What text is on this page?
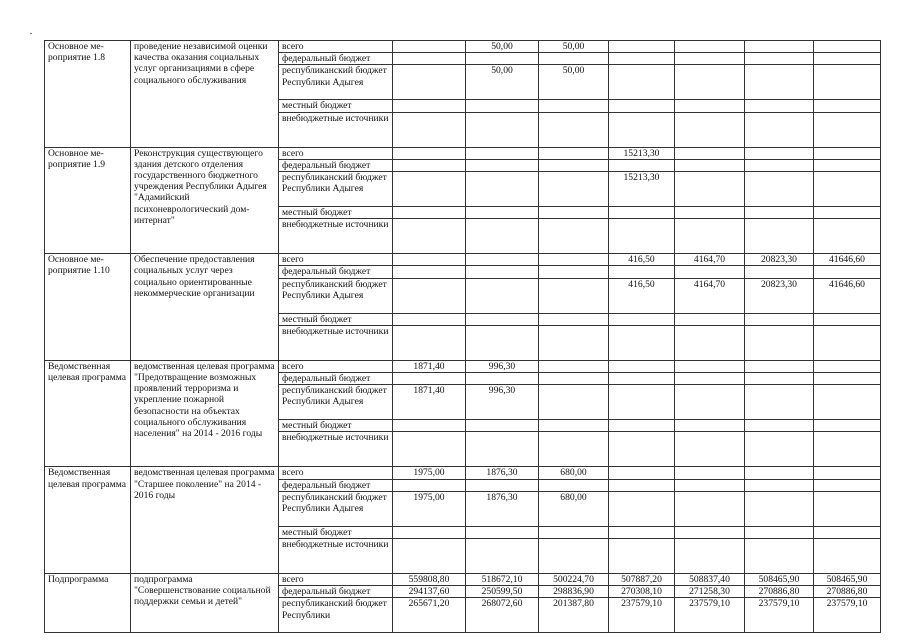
Основное ме-
роприятие 1.8	проведение независимой оценки качества оказания социальных услуг организациями в сфере социального обслуживания	всего		50,00	50,00				
		федеральный бюджет							
		республиканский бюджет Республики Адыгея		50,00	50,00				
		местный бюджет							
		внебюджетные источники							
Основное ме-
роприятие 1.9	Реконструкция существующего здания детского отделения государственного бюджетного учреждения Республики Адыгея "Адамийский психоневрологический дом-интернат"	всего				15213,30			
		федеральный бюджет							
		республиканский бюджет Республики Адыгея				15213,30			
		местный бюджет							
		внебюджетные источники							
Основное ме-
роприятие 1.10	Обеспечение предоставления социальных услуг через социально ориентированные некоммерческие организации	всего				416,50	4164,70	20823,30	41646,60
		федеральный бюджет							
		республиканский бюджет Республики Адыгея				416,50	4164,70	20823,30	41646,60
		местный бюджет							
		внебюджетные источники							
Ведомственная целевая программа	ведомственная целевая программа "Предотвращение возможных проявлений терроризма и укрепление пожарной безопасности на объектах социального обслуживания населения" на 2014 - 2016 годы	всего	1871,40	996,30					
		федеральный бюджет							
		республиканский бюджет Республики Адыгея	1871,40	996,30					
		местный бюджет							
		внебюджетные источники							
Ведомственная целевая программа	ведомственная целевая программа "Старшее поколение" на 2014 - 2016 годы	всего	1975,00	1876,30	680,00				
		федеральный бюджет							
		республиканский бюджет Республики Адыгея	1975,00	1876,30	680,00				
		местный бюджет							
		внебюджетные источники							
Подпрограмма	подпрограмма "Совершенствование социальной поддержки семьи и детей"	всего	559808,80	518672,10	500224,70	507887,20	508837,40	508465,90	508465,90
		федеральный бюджет	294137,60	250599,50	298836,90	270308,10	271258,30	270886,80	270886,80
		республиканский бюджет Республики	265671,20	268072,60	201387,80	237579,10	237579,10	237579,10	237579,10
